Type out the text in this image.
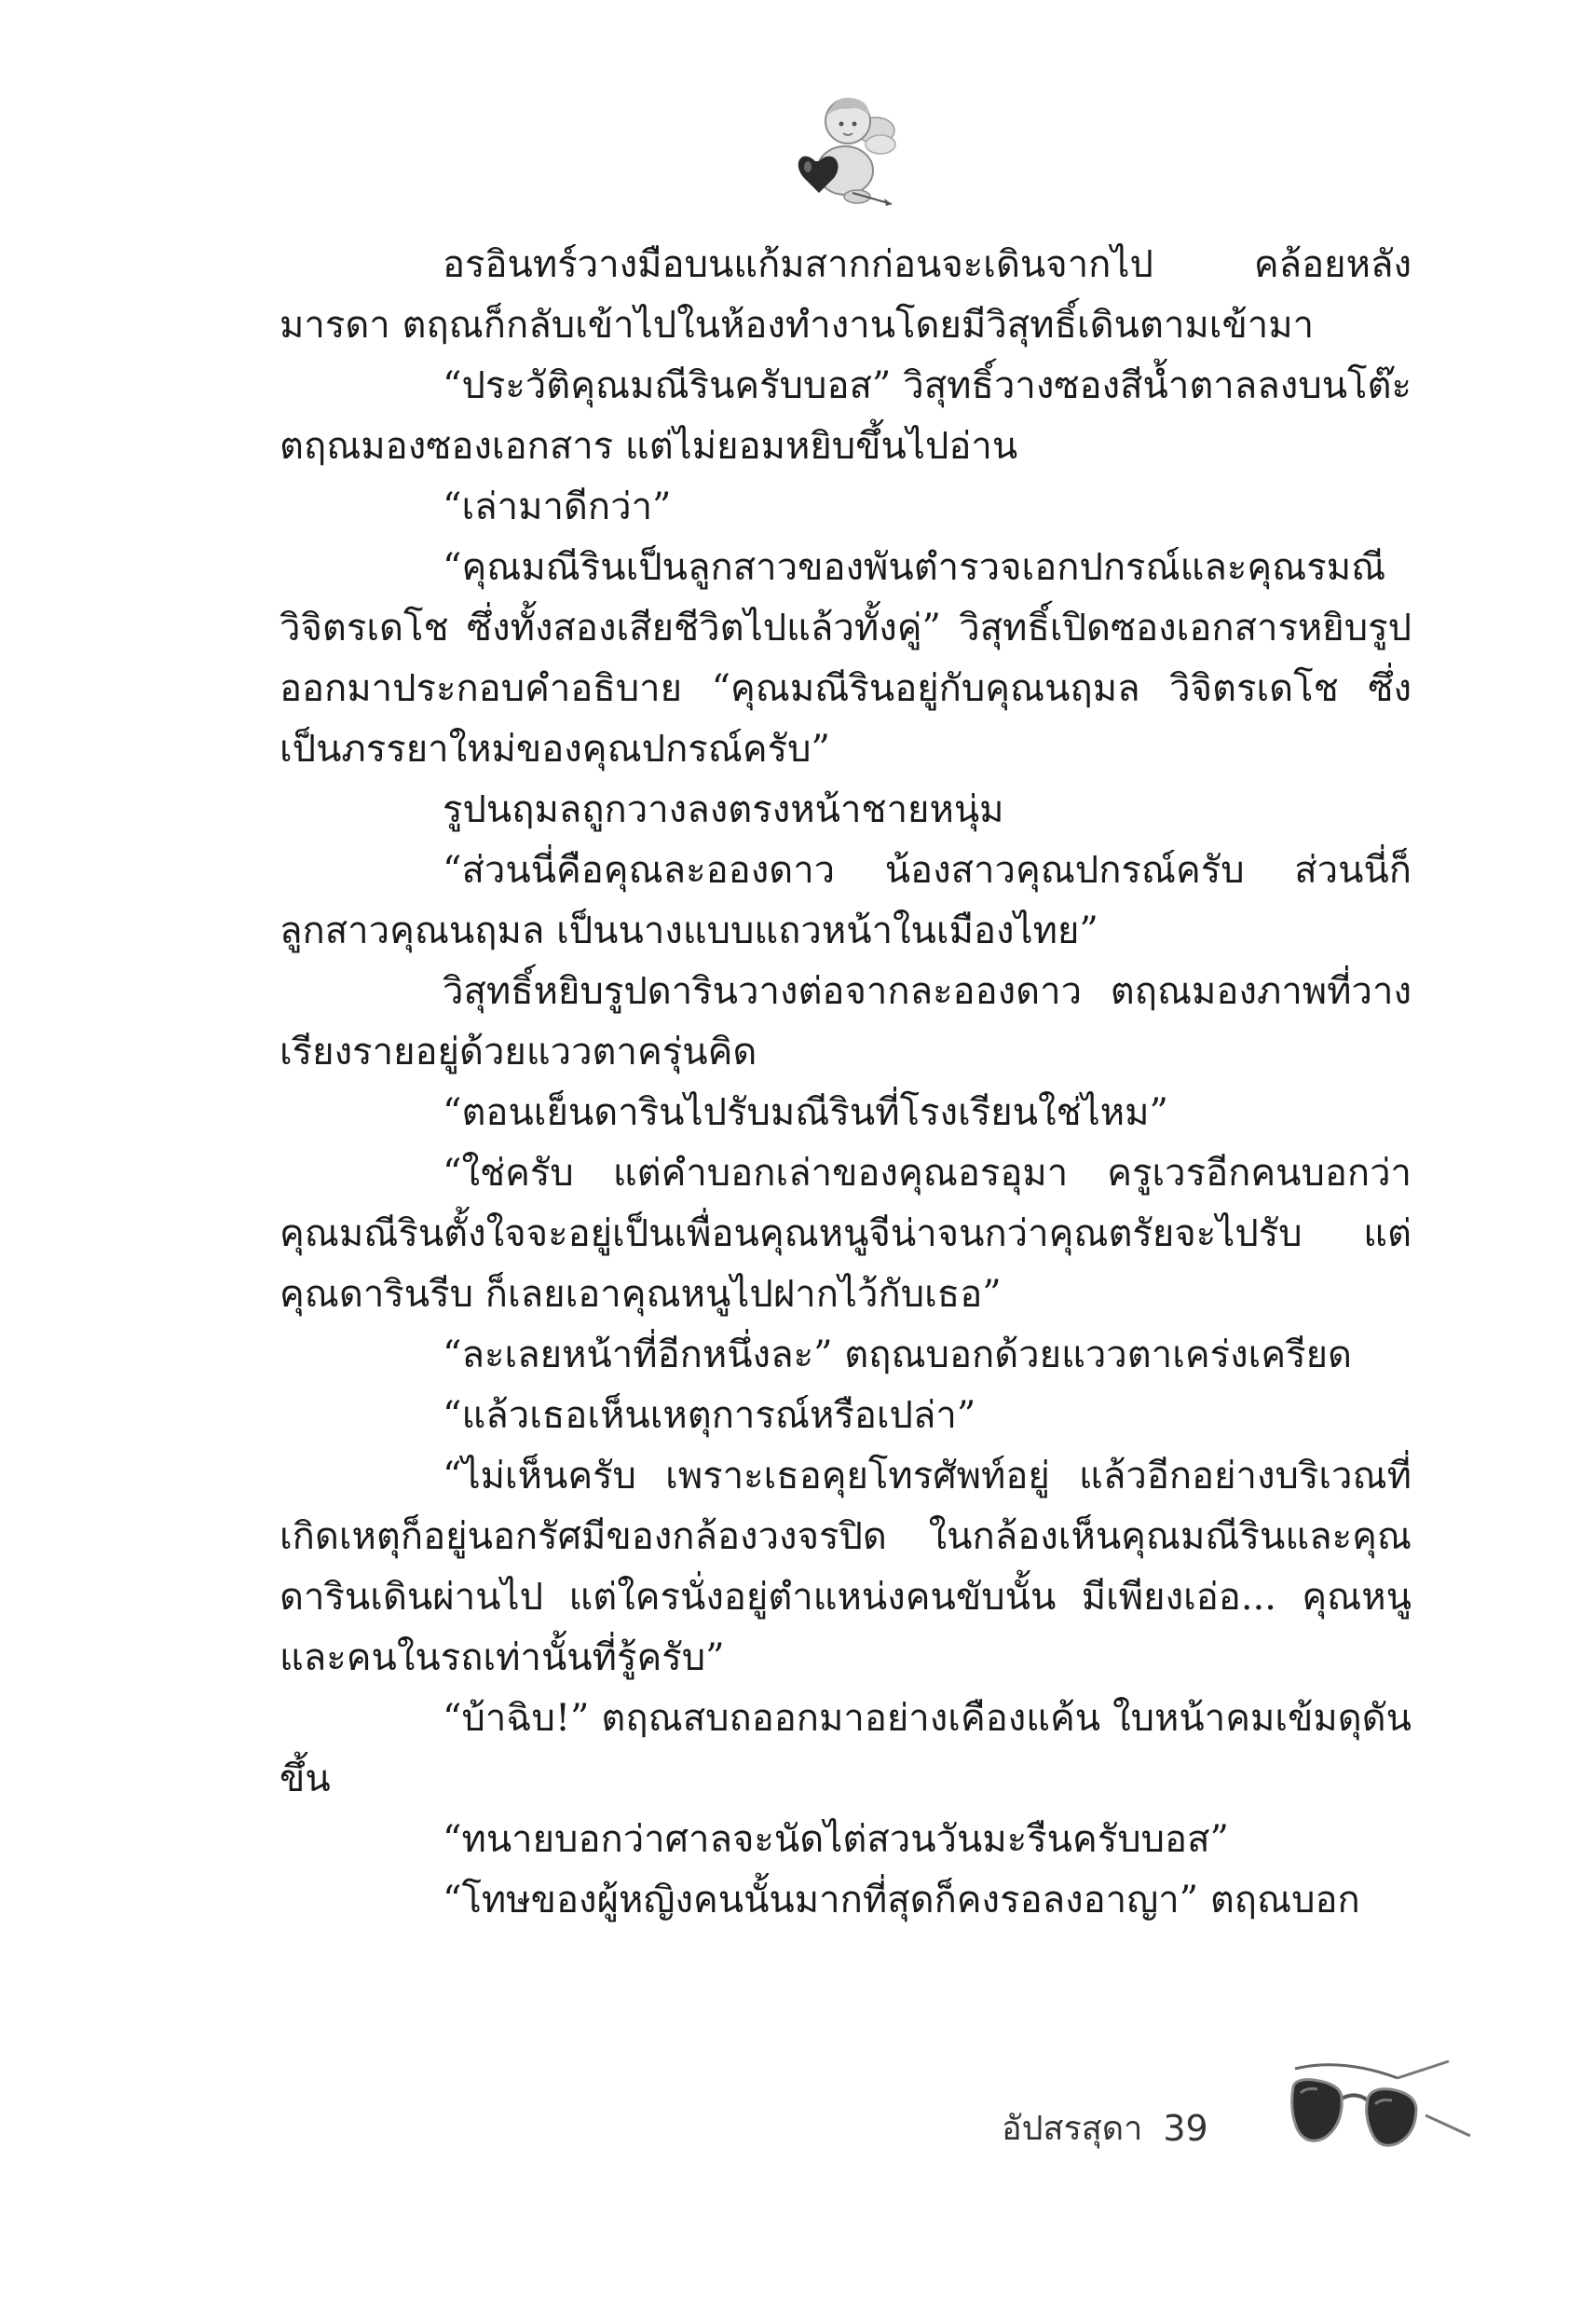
อรอินทร์วางมือบนแก้มสากก่อนจะเดินจากไป คล้อยหลังมารดา ตฤณก็กลับเข้าไปในห้องทำงานโดยมีวิสุทธิ์เดินตามเข้ามา

“ประวัติคุณมณีรินครับบอส” วิสุทธิ์วางซองสีน้ำตาลลงบนโต๊ะ ตฤณมองซองเอกสาร แต่ไม่ยอมหยิบขึ้นไปอ่าน

“เล่ามาดีกว่า”

“คุณมณีรินเป็นลูกสาวของพันตำรวจเอกปกรณ์และคุณรมณี วิจิตรเดโช ซึ่งทั้งสองเสียชีวิตไปแล้วทั้งคู่” วิสุทธิ์เปิดซองเอกสารหยิบรูปออกมาประกอบคำอธิบาย “คุณมณีรินอยู่กับคุณนฤมล วิจิตรเดโช ซึ่งเป็นภรรยาใหม่ของคุณปกรณ์ครับ”

รูปนฤมลถูกวางลงตรงหน้าชายหนุ่ม

“ส่วนนี่คือคุณละอองดาว น้องสาวคุณปกรณ์ครับ ส่วนนี่ก็ลูกสาวคุณนฤมล เป็นนางแบบแถวหน้าในเมืองไทย”

วิสุทธิ์หยิบรูปดารินวางต่อจากละอองดาว ตฤณมองภาพที่วางเรียงรายอยู่ด้วยแววตาครุ่นคิด

“ตอนเย็นดารินไปรับมณีรินที่โรงเรียนใช่ไหม”

“ใช่ครับ แต่คำบอกเล่าของคุณอรอุมา ครูเวรอีกคนบอกว่าคุณมณีรินตั้งใจจะอยู่เป็นเพื่อนคุณหนูจีน่าจนกว่าคุณตรัยจะไปรับ แต่คุณดารินรีบ ก็เลยเอาคุณหนูไปฝากไว้กับเธอ”

“ละเลยหน้าที่อีกหนึ่งละ” ตฤณบอกด้วยแววตาเคร่งเครียด

“แล้วเธอเห็นเหตุการณ์หรือเปล่า”

“ไม่เห็นครับ เพราะเธอคุยโทรศัพท์อยู่ แล้วอีกอย่างบริเวณที่เกิดเหตุก็อยู่นอกรัศมีของกล้องวงจรปิด ในกล้องเห็นคุณมณีรินและคุณดารินเดินผ่านไป แต่ใครนั่งอยู่ตำแหน่งคนขับนั้น มีเพียงเอ่อ... คุณหนูและคนในรถเท่านั้นที่รู้ครับ”

“บ้าฉิบ!” ตฤณสบถออกมาอย่างเคืองแค้น ใบหน้าคมเข้มดุดันขึ้น

“ทนายบอกว่าศาลจะนัดไต่สวนวันมะรืนครับบอส”

“โทษของผู้หญิงคนนั้นมากที่สุดก็คงรอลงอาญา” ตฤณบอก

อัปสรสุดา 39
